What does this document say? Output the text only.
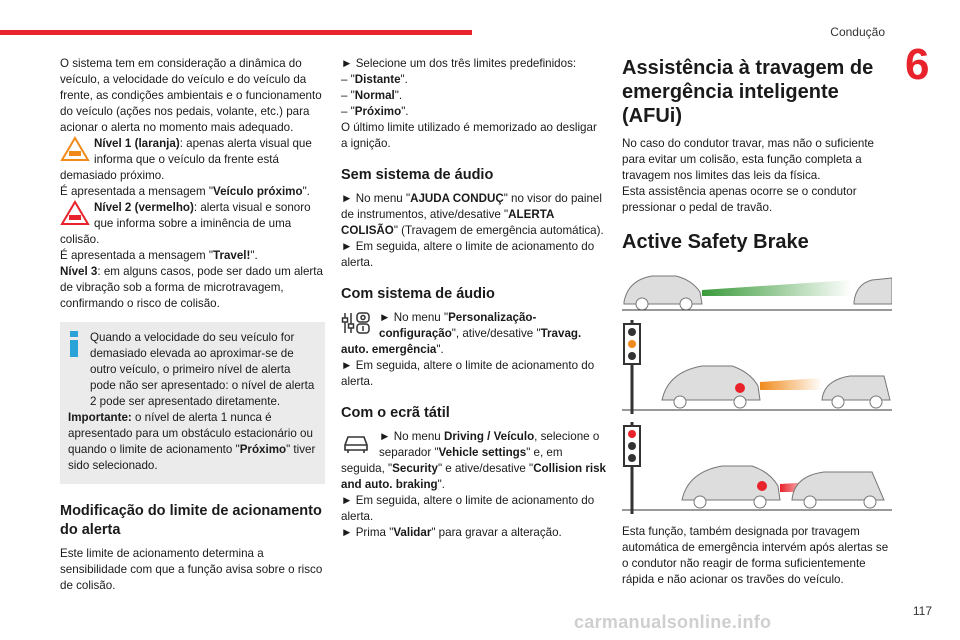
Condução
6

O sistema tem em consideração a dinâmica do veículo, a velocidade do veículo e do veículo da frente, as condições ambientais e o funcionamento do veículo (ações nos pedais, volante, etc.) para acionar o alerta no momento mais adequado.

Nível 1 (laranja): apenas alerta visual que informa que o veículo da frente está demasiado próximo.

É apresentada a mensagem "Veículo próximo".

Nível 2 (vermelho): alerta visual e sonoro que informa sobre a iminência de uma colisão.

É apresentada a mensagem "Travel!".

Nível 3: em alguns casos, pode ser dado um alerta de vibração sob a forma de microtravagem, confirmando o risco de colisão.

Quando a velocidade do seu veículo for demasiado elevada ao aproximar-se de outro veículo, o primeiro nível de alerta pode não ser apresentado: o nível de alerta 2 pode ser apresentado diretamente.

Importante: o nível de alerta 1 nunca é apresentado para um obstáculo estacionário ou quando o limite de acionamento "Próximo" tiver sido selecionado.

Modificação do limite de acionamento do alerta

Este limite de acionamento determina a sensibilidade com que a função avisa sobre o risco de colisão.

► Selecione um dos três limites predefinidos:

– "Distante".

– "Normal".

– "Próximo".

O último limite utilizado é memorizado ao desligar a ignição.

Sem sistema de áudio

► No menu "AJUDA CONDUÇ" no visor do painel de instrumentos, ative/desative "ALERTA COLISÃO" (Travagem de emergência automática).

► Em seguida, altere o limite de acionamento do alerta.

Com sistema de áudio

► No menu "Personalização-configuração", ative/desative "Travag. auto. emergência".

► Em seguida, altere o limite de acionamento do alerta.

Com o ecrã tátil

► No menu Driving / Veículo, selecione o separador "Vehicle settings" e, em seguida, "Security" e ative/desative "Collision risk and auto. braking".

► Em seguida, altere o limite de acionamento do alerta.

► Prima "Validar" para gravar a alteração.

Assistência à travagem de emergência inteligente (AFUi)

No caso do condutor travar, mas não o suficiente para evitar um colisão, esta função completa a travagem nos limites das leis da física.

Esta assistência apenas ocorre se o condutor pressionar o pedal de travão.

Active Safety Brake

Esta função, também designada por travagem automática de emergência intervém após alertas se o condutor não reagir de forma suficientemente rápida e não acionar os travões do veículo.

carmanualsonline.info
117
